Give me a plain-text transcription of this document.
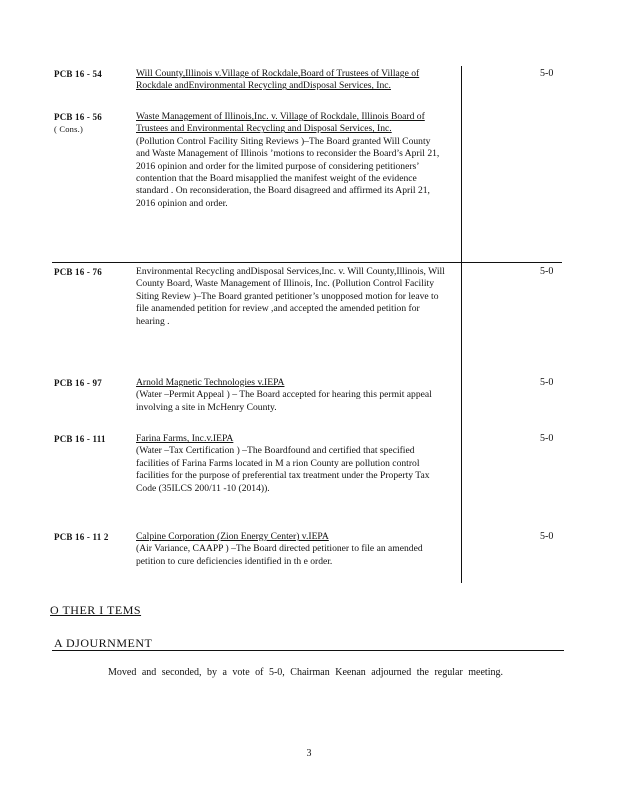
PCB 16 - 54	Will County,Illinois v.Village of Rockdale,Board of Trustees of Village of Rockdale andEnvironmental Recycling andDisposal Services, Inc.

5-0
PCB 16 - 56
( Cons.)

Waste Management of Illinois,Inc. v. Village of Rockdale, Illinois Board of Trustees and Environmental Recycling and Disposal Services, Inc.

(Pollution Control Facility Siting Reviews )–The Board granted Will County and Waste Management of Illinois ’motions to reconsider the Board’s April 21, 2016 opinion and order for the limited purpose of considering petitioners’ contention that the Board misapplied the manifest weight of the evidence standard . On reconsideration, the Board disagreed and affirmed its April 21, 2016 opinion and order.

PCB 16 - 76	Environmental Recycling andDisposal Services,Inc. v. Will County,Illinois, Will County Board, Waste Management of Illinois, Inc. (Pollution Control Facility Siting Review )–The Board granted petitioner’s unopposed motion for leave to file anamended petition for review ,and accepted the amended petition for hearing .

5-0
PCB 16 - 97	Arnold Magnetic Technologies v.IEPA

(Water –Permit Appeal ) – The Board accepted for hearing this permit appeal involving a site in McHenry County.

5-0
PCB 16 - 111	Farina Farms, Inc.v.IEPA

(Water –Tax Certification ) –The Boardfound and certified that specified facilities of Farina Farms located in M a rion County are pollution control facilities for the purpose of preferential tax treatment under the Property Tax Code (35ILCS 200/11 -10 (2014)).

5-0
PCB 16 - 11 2	Calpine Corporation (Zion Energy Center) v.IEPA

(Air Variance, CAAPP ) –The Board directed petitioner to file an amended petition to cure deficiencies identified in th e order.

5-0
O THER I TEMS
A DJOURNMENT
Moved and seconded, by a vote of 5-0, Chairman Keenan adjourned the regular meeting.
3
